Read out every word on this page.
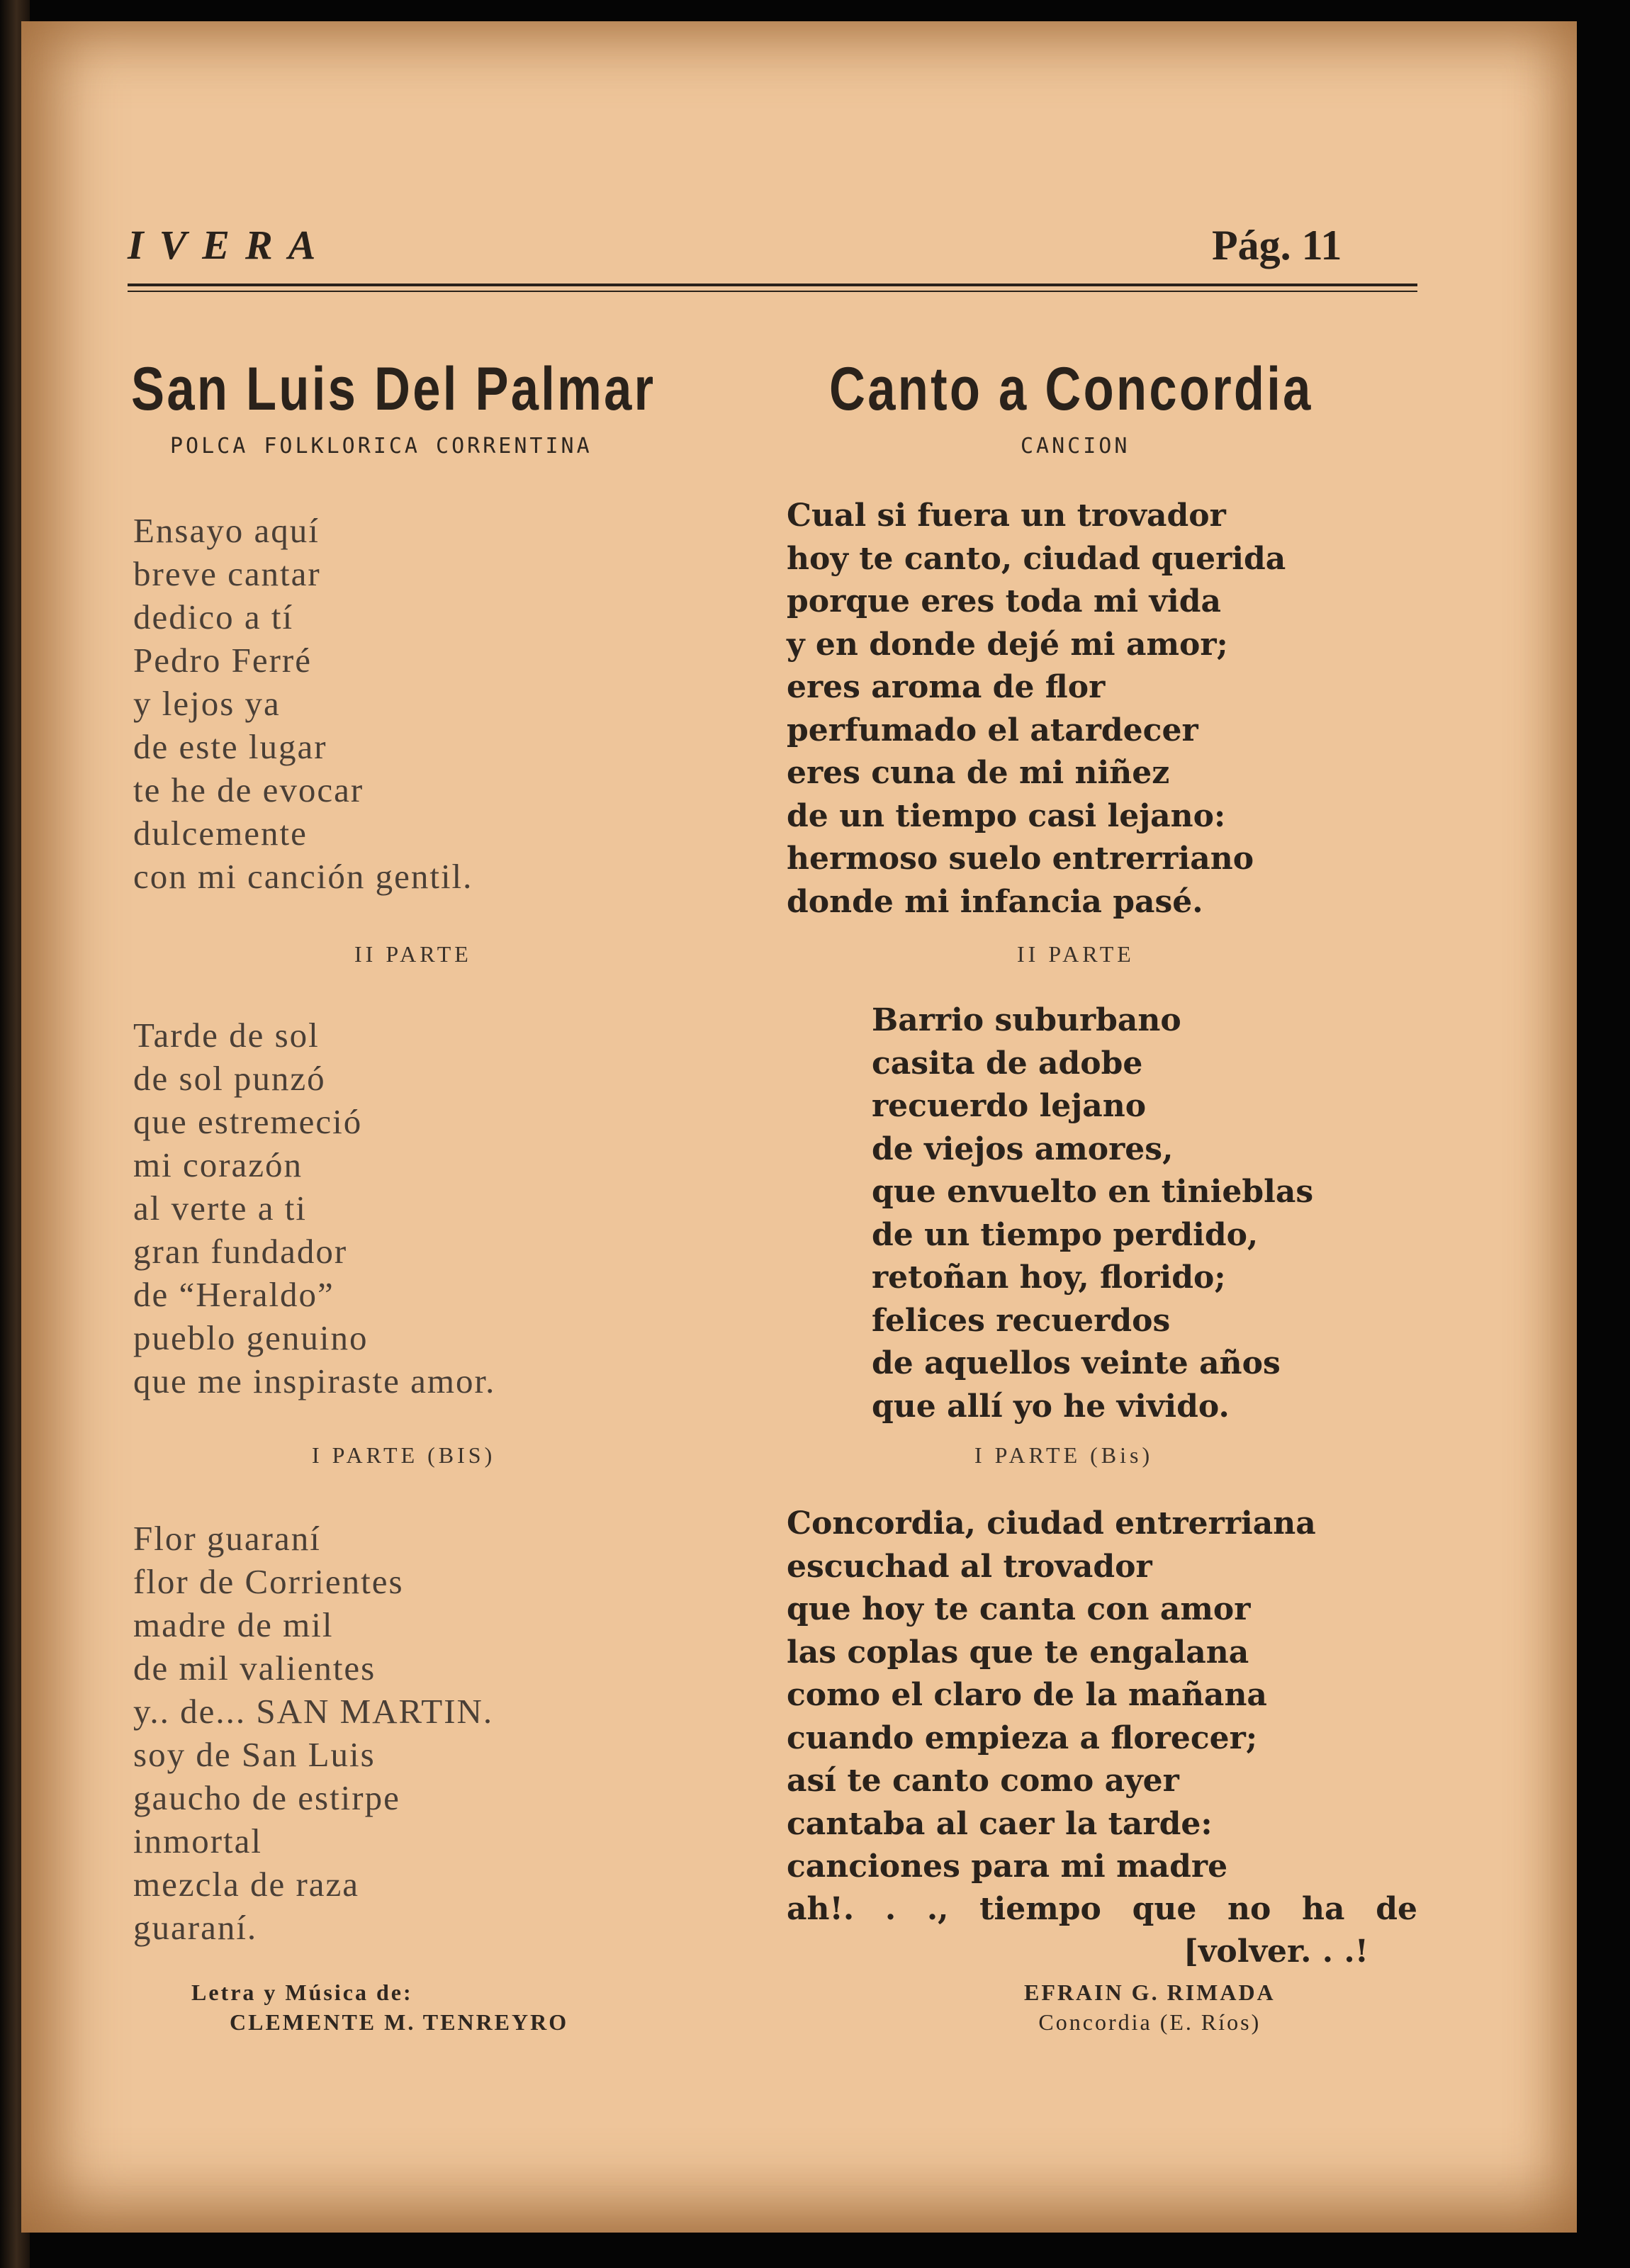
IVERA	Pág. 11
San Luis Del Palmar
POLCA FOLKLORICA CORRENTINA
Ensayo aquí
breve cantar
dedico a tí
Pedro Ferré
y lejos ya
de este lugar
te he de evocar
dulcemente
con mi canción gentil.
II PARTE
Tarde de sol
de sol punzó
que estremeció
mi corazón
al verte a ti
gran fundador
de “Heraldo”
pueblo genuino
que me inspiraste amor.
I PARTE (BIS)
Flor guaraní
flor de Corrientes
madre de mil
de mil valientes
y.. de... SAN MARTIN.
soy de San Luis
gaucho de estirpe
inmortal
mezcla de raza
guaraní.
Letra y Música de:
CLEMENTE M. TENREYRO
Canto a Concordia
CANCION
Cual si fuera un trovador
hoy te canto, ciudad querida
porque eres toda mi vida
y en donde dejé mi amor;
eres aroma de flor
perfumado el atardecer
eres cuna de mi niñez
de un tiempo casi lejano:
hermoso suelo entrerriano
donde mi infancia pasé.
II PARTE
Barrio suburbano
casita de adobe
recuerdo lejano
de viejos amores,
que envuelto en tinieblas
de un tiempo perdido,
retoñan hoy, florido;
felices recuerdos
de aquellos veinte años
que allí yo he vivido.
I PARTE (Bis)
Concordia, ciudad entrerriana
escuchad al trovador
que hoy te canta con amor
las coplas que te engalana
como el claro de la mañana
cuando empieza a florecer;
así te canto como ayer
cantaba al caer la tarde:
canciones para mi madre
ah!. . ., tiempo que no ha de
[volver. . .!
EFRAIN G. RIMADA
Concordia (E. Ríos)
